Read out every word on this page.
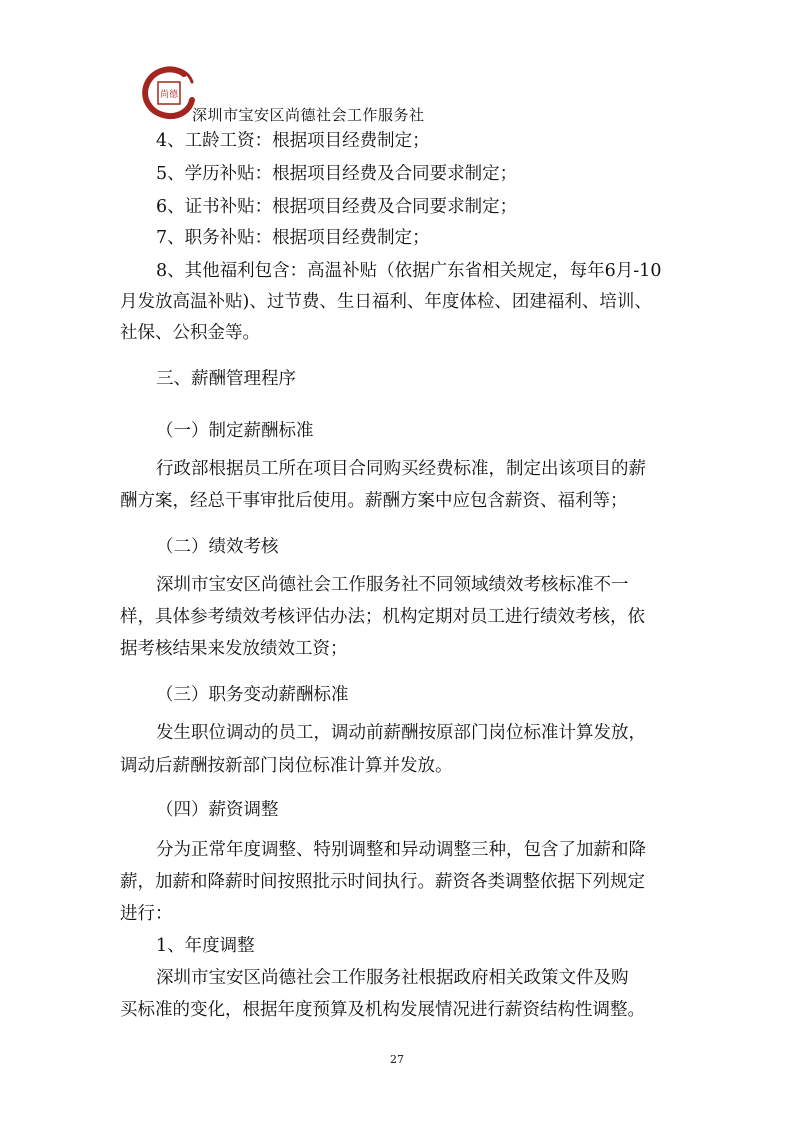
尚德
深圳市宝安区尚德社会工作服务社
4、工龄工资：根据项目经费制定；
5、学历补贴：根据项目经费及合同要求制定；
6、证书补贴：根据项目经费及合同要求制定；
7、职务补贴：根据项目经费制定；
8、其他福利包含：高温补贴（依据广东省相关规定，每年6月-10
月发放高温补贴)、过节费、生日福利、年度体检、团建福利、培训、
社保、公积金等。
三、薪酬管理程序
（一）制定薪酬标准
行政部根据员工所在项目合同购买经费标准，制定出该项目的薪
酬方案，经总干事审批后使用。薪酬方案中应包含薪资、福利等；
（二）绩效考核
深圳市宝安区尚德社会工作服务社不同领域绩效考核标准不一
样，具体参考绩效考核评估办法；机构定期对员工进行绩效考核，依
据考核结果来发放绩效工资；
（三）职务变动薪酬标准
发生职位调动的员工，调动前薪酬按原部门岗位标准计算发放，
调动后薪酬按新部门岗位标准计算并发放。
（四）薪资调整
分为正常年度调整、特别调整和异动调整三种，包含了加薪和降
薪，加薪和降薪时间按照批示时间执行。薪资各类调整依据下列规定
进行：
1、年度调整
深圳市宝安区尚德社会工作服务社根据政府相关政策文件及购
买标准的变化，根据年度预算及机构发展情况进行薪资结构性调整。
27
